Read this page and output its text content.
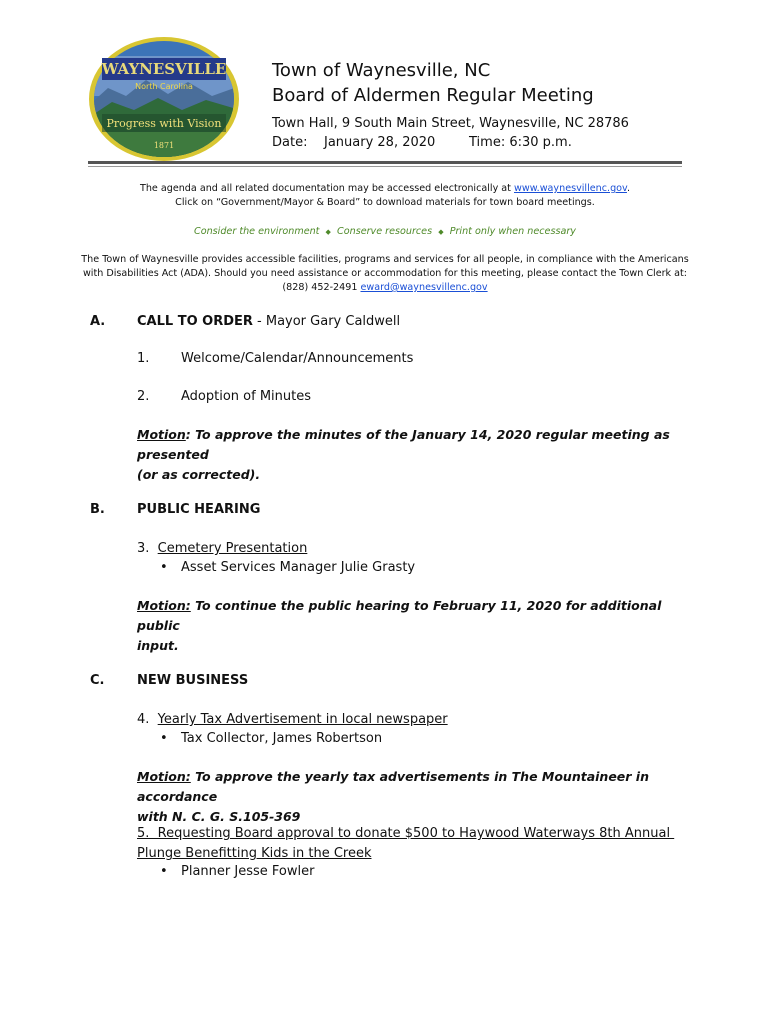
WAYNESVILLE
North Carolina
Progress with Vision
1871
Town of Waynesville, NC
Board of Aldermen Regular Meeting
Town Hall, 9 South Main Street, Waynesville, NC 28786
Date: January 28, 2020	Time: 6:30 p.m.
The agenda and all related documentation may be accessed electronically at www.waynesvillenc.gov.
Click on “Government/Mayor & Board” to download materials for town board meetings.
Consider the environment ◆ Conserve resources ◆ Print only when necessary
The Town of Waynesville provides accessible facilities, programs and services for all people, in compliance with the Americans
with Disabilities Act (ADA). Should you need assistance or accommodation for this meeting, please contact the Town Clerk at:
(828) 452-2491 eward@waynesvillenc.gov
A. CALL TO ORDER - Mayor Gary Caldwell
1. Welcome/Calendar/Announcements
2. Adoption of Minutes
Motion: To approve the minutes of the January 14, 2020 regular meeting as presented
(or as corrected).
B. PUBLIC HEARING
3.  Cemetery Presentation
• Asset Services Manager Julie Grasty
Motion: To continue the public hearing to February 11, 2020 for additional public
input.
C.	NEW BUSINESS
4.  Yearly Tax Advertisement in local newspaper
• Tax Collector, James Robertson
Motion: To approve the yearly tax advertisements in The Mountaineer in accordance
with N. C. G. S.105-369
5.  Requesting Board approval to donate $500 to Haywood Waterways 8th Annual
Plunge Benefitting Kids in the Creek
• Planner Jesse Fowler
